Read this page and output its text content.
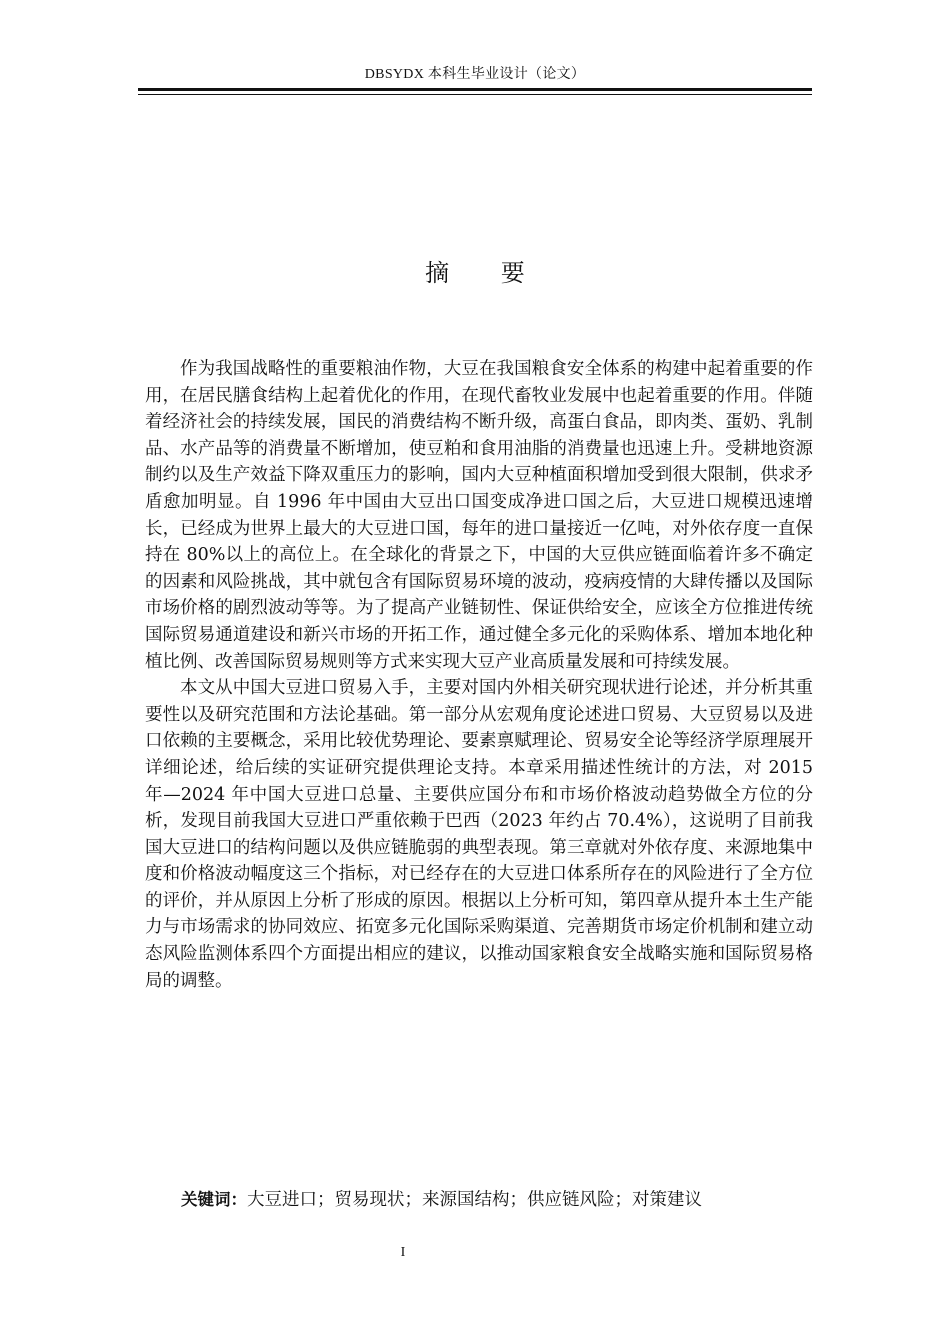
DBSYDX 本科生毕业设计（论文）
摘 要

作为我国战略性的重要粮油作物，大豆在我国粮食安全体系的构建中起着重要的作用，在居民膳食结构上起着优化的作用，在现代畜牧业发展中也起着重要的作用。伴随着经济社会的持续发展，国民的消费结构不断升级，高蛋白食品，即肉类、蛋奶、乳制品、水产品等的消费量不断增加，使豆粕和食用油脂的消费量也迅速上升。受耕地资源制约以及生产效益下降双重压力的影响，国内大豆种植面积增加受到很大限制，供求矛盾愈加明显。自 1996 年中国由大豆出口国变成净进口国之后，大豆进口规模迅速增长，已经成为世界上最大的大豆进口国，每年的进口量接近一亿吨，对外依存度一直保持在 80%以上的高位上。在全球化的背景之下，中国的大豆供应链面临着许多不确定的因素和风险挑战，其中就包含有国际贸易环境的波动，疫病疫情的大肆传播以及国际市场价格的剧烈波动等等。为了提高产业链韧性、保证供给安全，应该全方位推进传统国际贸易通道建设和新兴市场的开拓工作，通过健全多元化的采购体系、增加本地化种植比例、改善国际贸易规则等方式来实现大豆产业高质量发展和可持续发展。

本文从中国大豆进口贸易入手，主要对国内外相关研究现状进行论述，并分析其重要性以及研究范围和方法论基础。第一部分从宏观角度论述进口贸易、大豆贸易以及进口依赖的主要概念，采用比较优势理论、要素禀赋理论、贸易安全论等经济学原理展开详细论述，给后续的实证研究提供理论支持。本章采用描述性统计的方法，对 2015 年—2024 年中国大豆进口总量、主要供应国分布和市场价格波动趋势做全方位的分析，发现目前我国大豆进口严重依赖于巴西（2023 年约占 70.4%），这说明了目前我国大豆进口的结构问题以及供应链脆弱的典型表现。第三章就对外依存度、来源地集中度和价格波动幅度这三个指标，对已经存在的大豆进口体系所存在的风险进行了全方位的评价，并从原因上分析了形成的原因。根据以上分析可知，第四章从提升本土生产能力与市场需求的协同效应、拓宽多元化国际采购渠道、完善期货市场定价机制和建立动态风险监测体系四个方面提出相应的建议，以推动国家粮食安全战略实施和国际贸易格局的调整。

关键词：大豆进口；贸易现状；来源国结构；供应链风险；对策建议
I
